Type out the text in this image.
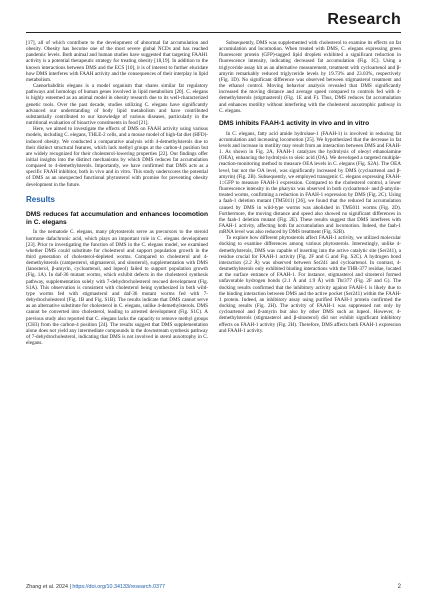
Research

[17], all of which contribute to the development of abnormal fat accumulation and obesity. Obesity has become one of the most severe global NCDs and has reached pandemic levels. Both animal and human studies have suggested that targeting FAAH1 activity is a potential therapeutic strategy for treating obesity [18,19]. In addition to the known interactions between DMS and the ECS [10], it is of interest to further elucidate how DMS interferes with FAAH activity and the consequences of their interplay in lipid metabolism.

Caenorhabditis elegans is a model organism that shares similar fat regulatory pathways and homologs of human genes involved in lipid metabolism [20]. C. elegans is highly esteemed as an animal model in obesity research due to its well-characterized genetic tools. Over the past decade, studies utilizing C. elegans have significantly advanced our understanding of body lipid metabolism and have contributed substantially contributed to our knowledge of various diseases, particularly in the nutritional evaluation of bioactive constituents in food [21].

Here, we aimed to investigate the effects of DMS on FAAH activity using various models, including C. elegans, THLE-2 cells, and a mouse model of high-fat diet (HFD)-induced obesity. We conducted a comparative analysis with 4-demethylsterols due to their distinct structural features, which lack methyl groups at the carbon-4 position but are widely recognized for their cholesterol-lowering properties [22]. Our findings offer initial insights into the distinct mechanisms by which DMS reduces fat accumulation compared to 4-demethylsterols. Importantly, we have confirmed that DMS acts as a specific FAAH inhibitor, both in vivo and in vitro. This study underscores the potential of DMS as an unexpected functional phytosterol with promise for preventing obesity development in the future.

Results
DMS reduces fat accumulation and enhances locomotion in C. elegans

In the nematode C. elegans, many phytosterols serve as precursors to the steroid hormone dafachronic acid, which plays an important role in C. elegans development [23]. Prior to investigating the function of DMS in the C. elegans model, we examined whether DMS could substitute for cholesterol and support population growth in the third generation of cholesterol-depleted worms. Compared to cholesterol and 4-demethylsterols (campesterol, stigmasterol, and sitosterol), supplementation with DMS (lanosterol, β-amyrin, cycloartenol, and lupeol) failed to support population growth (Fig. 1A). In daf-36 mutant worms, which exhibit defects in the cholesterol synthesis pathway, supplementation solely with 7-dehydrocholesterol rescued development (Fig. S1A). This observation is consistent with cholesterol being synthesized in both wild-type worms fed with stigmasterol and daf-36 mutant worms fed with 7-dehydrocholesterol (Fig. 1B and Fig. S1B). The results indicate that DMS cannot serve as an alternative substitute for cholesterol in C. elegans, unlike 4-demethylsterols. DMS cannot be converted into cholesterol, leading to arrested development (Fig. S1C). A previous study also reported that C. elegans lacks the capacity to remove methyl groups (CH3) from the carbon-4 position [24]. The results suggest that DMS supplementation alone does not yield any intermediate compounds in the downstream synthesis pathway of 7-dehydrocholesterol, indicating that DMS is not involved in sterol auxotrophy in C. elegans.

Subsequently, DMS was supplemented with cholesterol to examine its effects on fat accumulation and locomotion. When treated with DMS, C. elegans expressing green fluorescent protein (GFP)-tagged lipid droplets exhibited a significant reduction in fluorescence intensity, indicating decreased fat accumulation (Fig. 1C). Using a triglyceride assay kit as an alternative measurement, treatment with cycloartenol and β-amyrin remarkably reduced triglyceride levels by 19.73% and 23.03%, respectively (Fig. 1D). No significant difference was observed between stigmasterol treatment and the ethanol control. Moving behavior analysis revealed that DMS significantly increased the moving distance and average speed compared to controls fed with 4-demethylsterols (stigmasterol) (Fig. 1E and F). Thus, DMS reduces fat accumulation and enhances motility without interfering with the cholesterol auxotrophic pathway in C. elegans.

DMS inhibits FAAH-1 activity in vivo and in vitro

In C. elegans, fatty acid amide hydrolase-1 (FAAH-1) is involved in reducing fat accumulation and increasing locomotion [25]. We hypothesized that the decrease in fat levels and increase in motility may result from an interaction between DMS and FAAH-1. As shown in Fig. 2A, FAAH-1 catalyzes the hydrolysis of oleoyl ethanolamine (OEA), enhancing the hydrolysis to oleic acid (OA). We developed a targeted multiple-reaction-monitoring method to measure OEA levels in C. elegans (Fig. S2A). The OEA level, but not the OA level, was significantly increased by DMS (cycloartenol and β-amyrin) (Fig. 2B). Subsequently, we employed transgenic C. elegans expressing FAAH-1::GFP to measure FAAH-1 expression. Compared to the cholesterol control, a lower fluorescence intensity in the pharynx was observed in both cycloartenol- and β-amyrin-treated worms, confirming a reduction in FAAH-1 expression by DMS (Fig. 2C). Using a faah-1 deletion mutant (TM5011) [26], we found that the reduced fat accumulation caused by DMS in wild-type worms was abolished in TM5011 worms (Fig. 2D). Furthermore, the moving distance and speed also showed no significant differences in the faah-1 deletion mutant (Fig. 2E). These results suggest that DMS interferes with FAAH-1 activity, affecting both fat accumulation and locomotion. Indeed, the faah-1 mRNA level was also reduced by DMS treatment (Fig. S2B).

To explore how different phytosterols affect FAAH-1 activity, we utilized molecular docking to examine differences among various phytosterols. Interestingly, unlike 4-demethylsterols, DMS was capable of inserting into the active catalytic site (Ser241), a residue crucial for FAAH-1 activity (Fig. 2F and G and Fig. S2C). A hydrogen bond interaction (2.2 Å) was observed between Ser241 and cycloartenol. In contrast, 4-desmethylsterols only exhibited binding interactions with the THR-377 residue, located at the surface entrance of FAAH-1. For instance, stigmasterol and sitosterol formed unfavorable hydrogen bonds (2.1 Å and 1.9 Å) with Thr377 (Fig. 2F and G). The docking results confirmed that the inhibitory activity against FAAH-1 is likely due to the binding interaction between DMS and the active pocket (Ser241) within the FAAH-1 protein. Indeed, an inhibitory assay using purified FAAH-1 protein confirmed the docking results (Fig. 2H). The activity of FAAH-1 was suppressed not only by cycloartenol and β-amyrin but also by other DMS such as lupeol. However, 4-demethylsterols (stigmasterol and β-sitosterol) did not exhibit significant inhibitory effects on FAAH-1 activity (Fig. 2H). Therefore, DMS affects both FAAH-1 expression and FAAH-1 activity.

Zhang et al. 2024 | https://doi.org/10.34133/research.0377	2
